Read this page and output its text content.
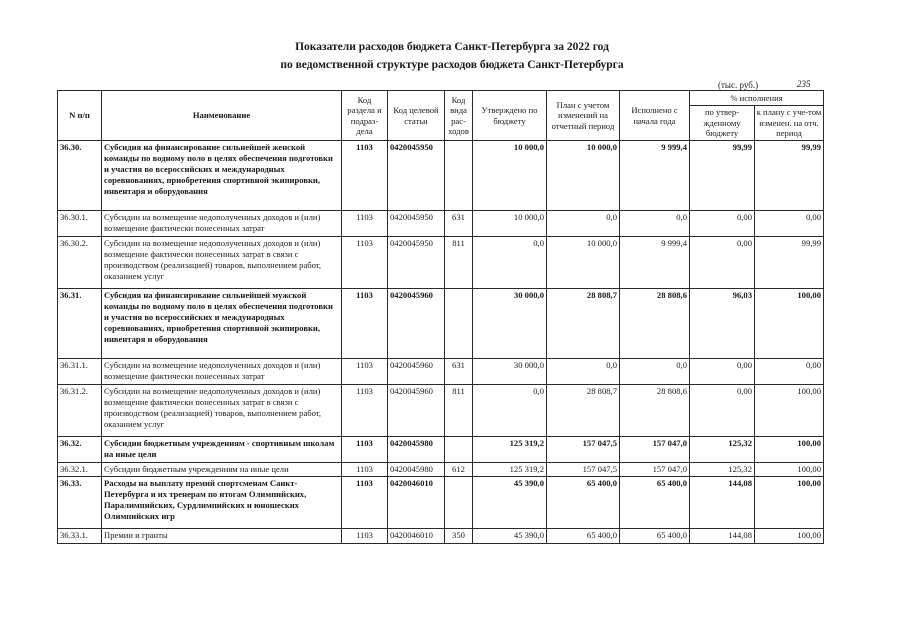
Показатели расходов бюджета Санкт-Петербурга за 2022 год
по ведомственной структуре расходов бюджета Санкт-Петербурга
(тыс. руб.)	235
N п/п	Наименование	Код раздела и подраз-дела	Код целевой статьи	Код вида рас-ходов	Утверждено по бюджету	План с учетом изменений на отчетный период	Исполнено с начала года	% исполнения	
								по утвер-жденному бюджету	к плану с уче-том изменен. на отч. период
36.30.	Субсидия на финансирование сильнейшей женской команды по водному поло в целях обеспечения подготовки и участия во всероссийских и международных соревнованиях, приобретения спортивной экипировки, инвентаря и оборудования	1103	0420045950		10 000,0	10 000,0	9 999,4	99,99	99,99
36.30.1.	Субсидии на возмещение недополученных доходов и (или) возмещение фактически понесенных затрат	1103	0420045950	631	10 000,0	0,0	0,0	0,00	0,00
36.30.2.	Субсидии на возмещение недополученных доходов и (или) возмещение фактически понесенных затрат в связи с производством (реализацией) товаров, выполнением работ, оказанием услуг	1103	0420045950	811	0,0	10 000,0	9 999,4	0,00	99,99
36.31.	Субсидия на финансирование сильнейшей мужской команды по водному поло в целях обеспечения подготовки и участия во всероссийских и международных соревнованиях, приобретения спортивной экипировки, инвентаря и оборудования	1103	0420045960		30 000,0	28 808,7	28 808,6	96,03	100,00
36.31.1.	Субсидии на возмещение недополученных доходов и (или) возмещение фактически понесенных затрат	1103	0420045960	631	30 000,0	0,0	0,0	0,00	0,00
36.31.2.	Субсидии на возмещение недополученных доходов и (или) возмещение фактически понесенных затрат в связи с производством (реализацией) товаров, выполнением работ, оказанием услуг	1103	0420045960	811	0,0	28 808,7	28 808,6	0,00	100,00
36.32.	Субсидии бюджетным учреждениям - спортивным школам на иные цели	1103	0420045980		125 319,2	157 047,5	157 047,0	125,32	100,00
36.32.1.	Субсидии бюджетным учреждениям на иные цели	1103	0420045980	612	125 319,2	157 047,5	157 047,0	125,32	100,00
36.33.	Расходы на выплату премий спортсменам Санкт-Петербурга и их тренерам по итогам Олимпийских, Паралимпийских, Сурдлимпийских и юношеских Олимпийских игр	1103	0420046010		45 390,0	65 400,0	65 400,0	144,08	100,00
36.33.1.	Премии и гранты	1103	0420046010	350	45 390,0	65 400,0	65 400,0	144,08	100,00
